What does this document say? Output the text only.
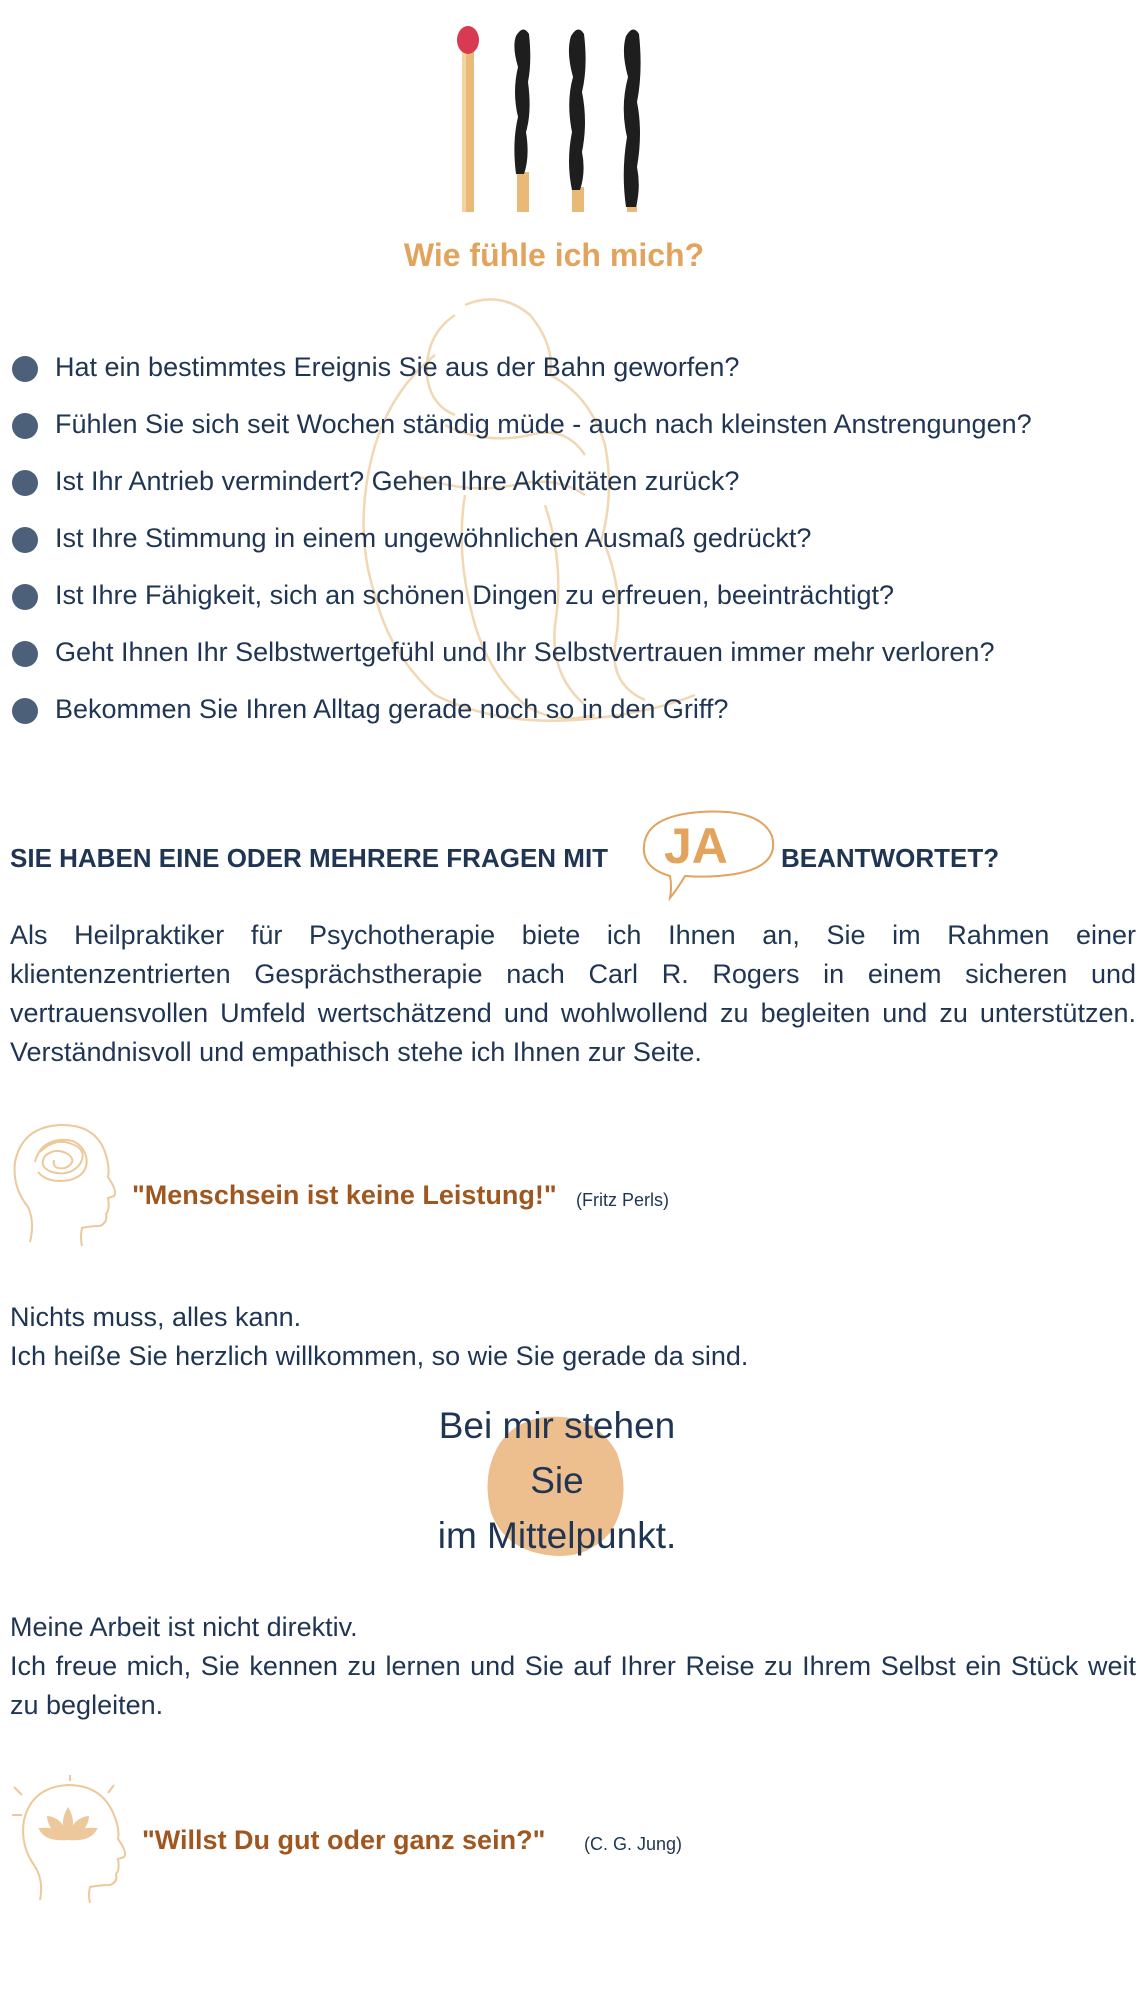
Wie fühle ich mich?
Hat ein bestimmtes Ereignis Sie aus der Bahn geworfen?
Fühlen Sie sich seit Wochen ständig müde - auch nach kleinsten Anstrengungen?
Ist Ihr Antrieb vermindert? Gehen Ihre Aktivitäten zurück?
Ist Ihre Stimmung in einem ungewöhnlichen Ausmaß gedrückt?
Ist Ihre Fähigkeit, sich an schönen Dingen zu erfreuen, beeinträchtigt?
Geht Ihnen Ihr Selbstwertgefühl und Ihr Selbstvertrauen immer mehr verloren?
Bekommen Sie Ihren Alltag gerade noch so in den Griff?
SIE HABEN EINE ODER MEHRERE FRAGEN MIT JA BEANTWORTET?
Als Heilpraktiker für Psychotherapie biete ich Ihnen an, Sie im Rahmen einer klientenzentrierten Gesprächstherapie nach Carl R. Rogers in einem sicheren und vertrauensvollen Umfeld wertschätzend und wohlwollend zu begleiten und zu unterstützen. Verständnisvoll und empathisch stehe ich Ihnen zur Seite.
"Menschsein ist keine Leistung!" (Fritz Perls)
Nichts muss, alles kann.
Ich heiße Sie herzlich willkommen, so wie Sie gerade da sind.
Bei mir stehen
Sie
im Mittelpunkt.
Meine Arbeit ist nicht direktiv.
Ich freue mich, Sie kennen zu lernen und Sie auf Ihrer Reise zu Ihrem Selbst ein Stück weit zu begleiten.
"Willst Du gut oder ganz sein?" (C. G. Jung)
